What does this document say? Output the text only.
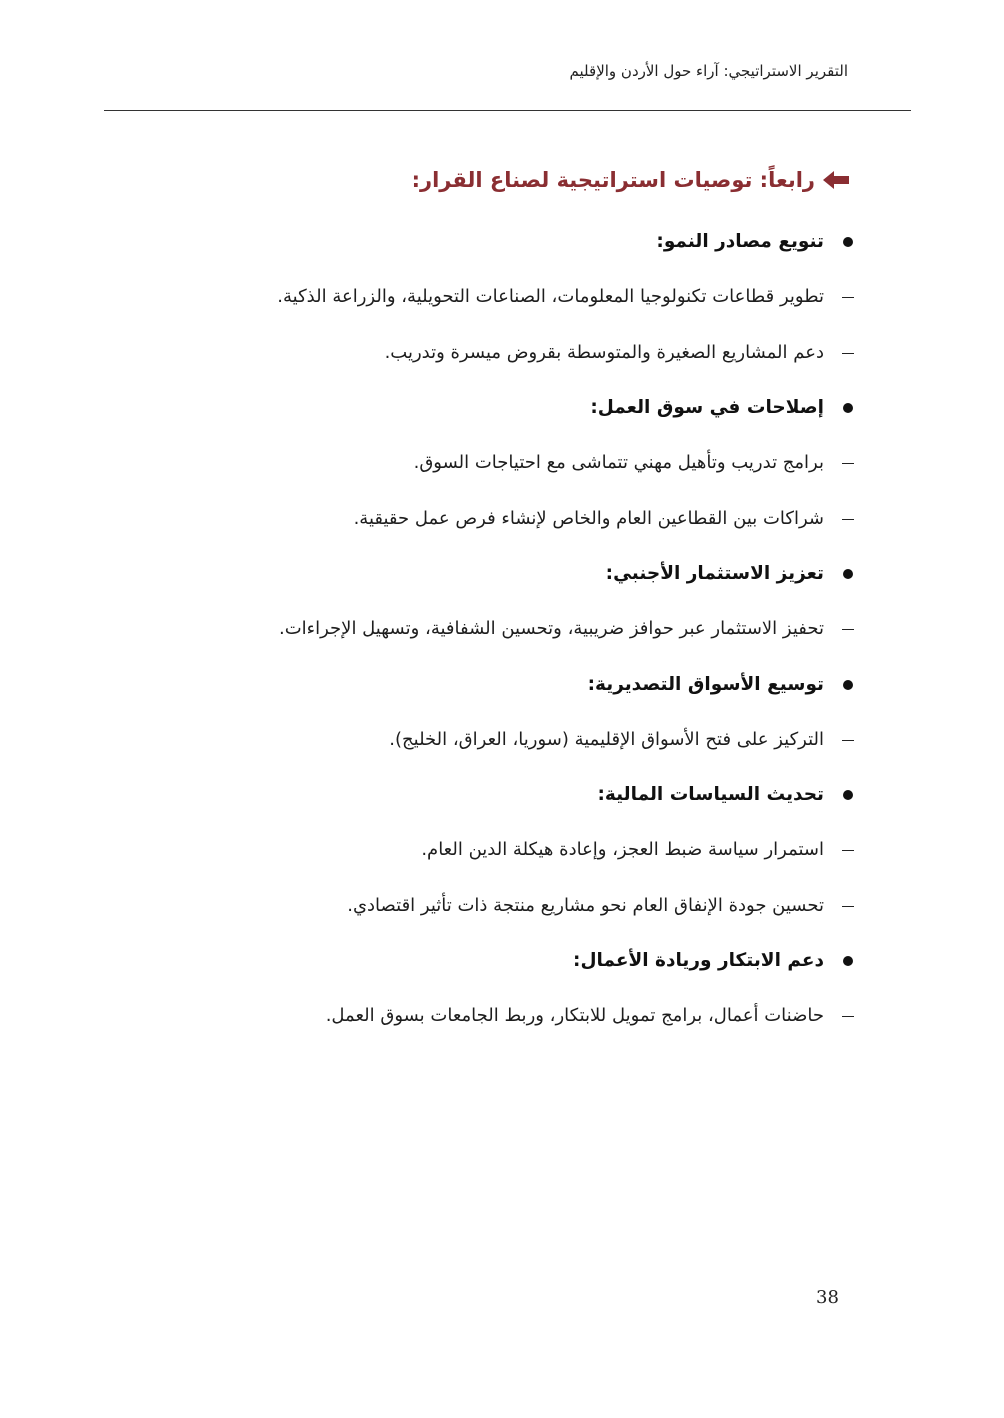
التقرير الاستراتيجي: آراء حول الأردن والإقليم
رابعاً: توصيات استراتيجية لصناع القرار:
تنويع مصادر النمو:
تطوير قطاعات تكنولوجيا المعلومات، الصناعات التحويلية، والزراعة الذكية.
دعم المشاريع الصغيرة والمتوسطة بقروض ميسرة وتدريب.
إصلاحات في سوق العمل:
برامج تدريب وتأهيل مهني تتماشى مع احتياجات السوق.
شراكات بين القطاعين العام والخاص لإنشاء فرص عمل حقيقية.
تعزيز الاستثمار الأجنبي:
تحفيز الاستثمار عبر حوافز ضريبية، وتحسين الشفافية، وتسهيل الإجراءات.
توسيع الأسواق التصديرية:
التركيز على فتح الأسواق الإقليمية (سوريا، العراق، الخليج).
تحديث السياسات المالية:
استمرار سياسة ضبط العجز، وإعادة هيكلة الدين العام.
تحسين جودة الإنفاق العام نحو مشاريع منتجة ذات تأثير اقتصادي.
دعم الابتكار وريادة الأعمال:
حاضنات أعمال، برامج تمويل للابتكار، وربط الجامعات بسوق العمل.
38
